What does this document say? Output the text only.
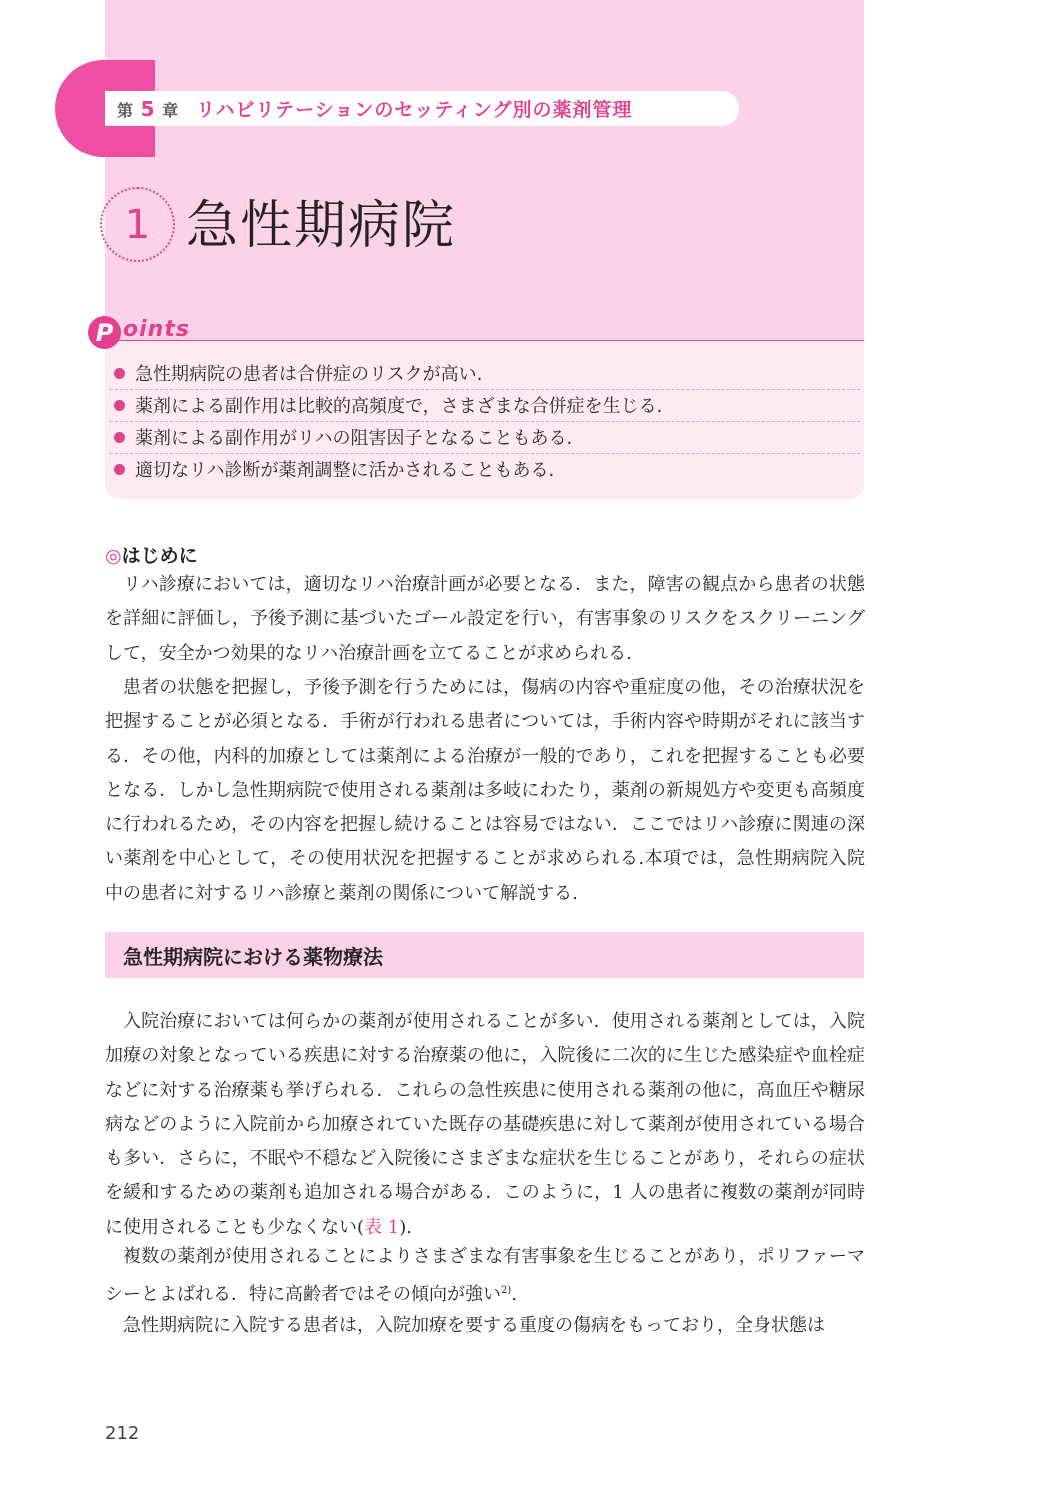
第 5 章 リハビリテーションのセッティング別の薬剤管理
1 急性期病院
P oints
急性期病院の患者は合併症のリスクが高い.
薬剤による副作用は比較的高頻度で，さまざまな合併症を生じる.
薬剤による副作用がリハの阻害因子となることもある.
適切なリハ診断が薬剤調整に活かされることもある.
◎はじめに

リハ診療においては，適切なリハ治療計画が必要となる．また，障害の観点から患者の状態を詳細に評価し，予後予測に基づいたゴール設定を行い，有害事象のリスクをスクリーニングして，安全かつ効果的なリハ治療計画を立てることが求められる.

患者の状態を把握し，予後予測を行うためには，傷病の内容や重症度の他，その治療状況を把握することが必須となる．手術が行われる患者については，手術内容や時期がそれに該当する．その他，内科的加療としては薬剤による治療が一般的であり，これを把握することも必要となる．しかし急性期病院で使用される薬剤は多岐にわたり，薬剤の新規処方や変更も高頻度に行われるため，その内容を把握し続けることは容易ではない．ここではリハ診療に関連の深い薬剤を中心として，その使用状況を把握することが求められる.本項では，急性期病院入院中の患者に対するリハ診療と薬剤の関係について解説する.

急性期病院における薬物療法

入院治療においては何らかの薬剤が使用されることが多い．使用される薬剤としては，入院加療の対象となっている疾患に対する治療薬の他に，入院後に二次的に生じた感染症や血栓症などに対する治療薬も挙げられる．これらの急性疾患に使用される薬剤の他に，高血圧や糖尿病などのように入院前から加療されていた既存の基礎疾患に対して薬剤が使用されている場合も多い．さらに，不眠や不穏など入院後にさまざまな症状を生じることがあり，それらの症状を緩和するための薬剤も追加される場合がある．このように，1 人の患者に複数の薬剤が同時に使用されることも少なくない(表 1).

複数の薬剤が使用されることによりさまざまな有害事象を生じることがあり，ポリファーマシーとよばれる．特に高齢者ではその傾向が強い$^{2)}$.

急性期病院に入院する患者は，入院加療を要する重度の傷病をもっており，全身状態は

212
